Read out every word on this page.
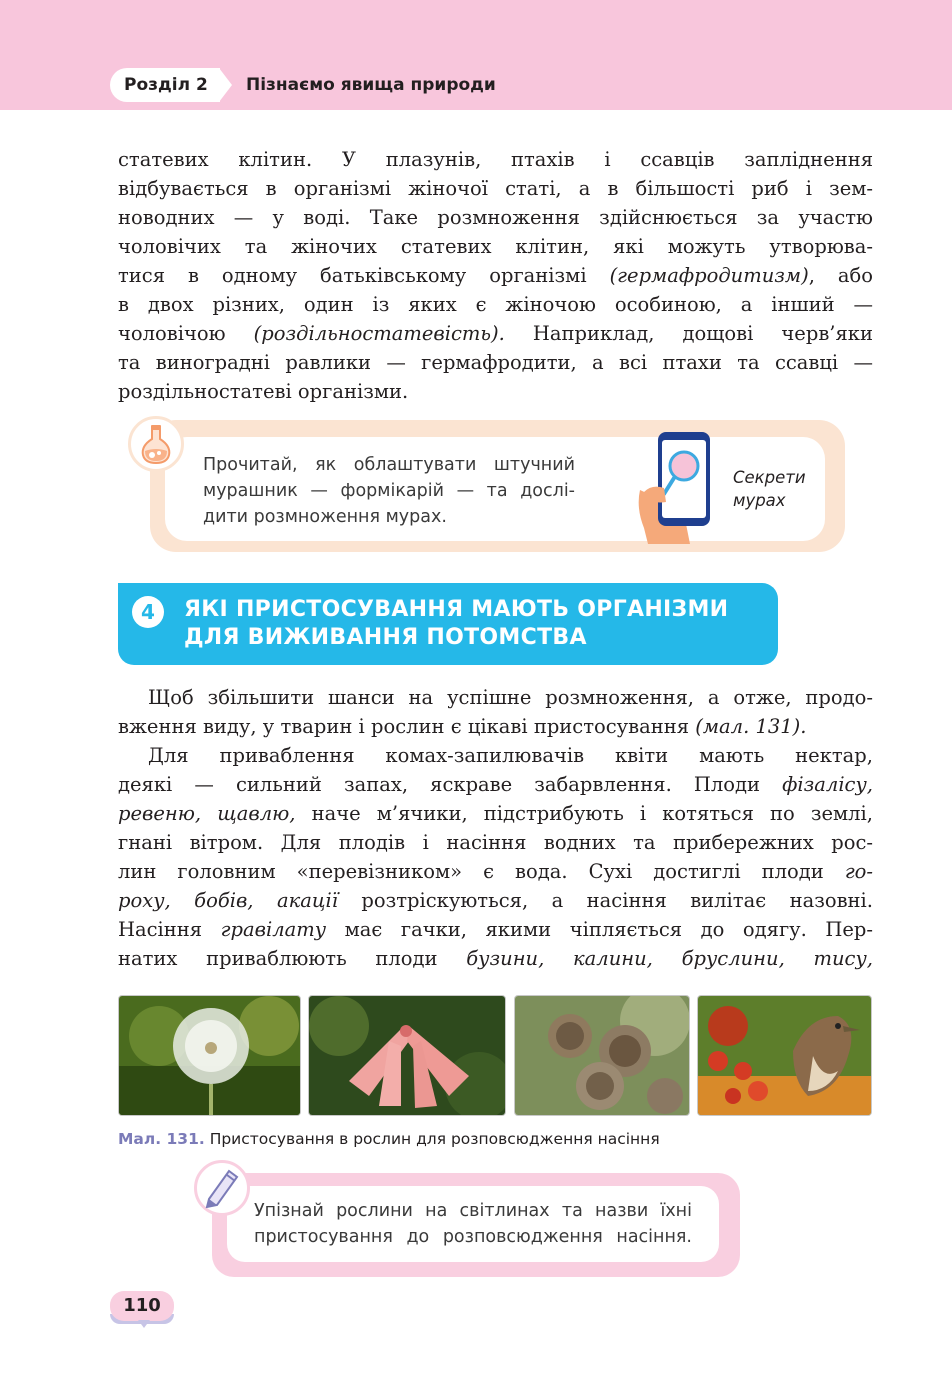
Розділ 2	Пізнаємо явища природи
статевих клітин. У плазунів, птахів і ссавців запліднення
відбувається в організмі жіночої статі, а в більшості риб і зем-
новодних — у воді. Таке розмноження здійснюється за участю
чоловічих та жіночих статевих клітин, які можуть утворюва-
тися в одному батьківському організмі (гермафродитизм), або
в двох різних, один із яких є жіночою особиною, а інший —
чоловічою (роздільностатевість). Наприклад, дощові черв’яки
та виноградні равлики — гермафродити, а всі птахи та ссавці —
роздільностатеві організми.
Прочитай, як облаштувати штучний
мурашник — формікарій — та дослі-
дити розмноження мурах.
Секрети
мурах
4	ЯКІ ПРИСТОСУВАННЯ МАЮТЬ ОРГАНІЗМИ
ДЛЯ ВИЖИВАННЯ ПОТОМСТВА
Щоб збільшити шанси на успішне розмноження, а отже, продо-
вження виду, у тварин і рослин є цікаві пристосування (мал. 131).
Для приваблення комах-запилювачів квіти мають нектар,
деякі — сильний запах, яскраве забарвлення. Плоди фізалісу,
ревеню, щавлю, наче м’ячики, підстрибують і котяться по землі,
гнані вітром. Для плодів і насіння водних та прибережних рос-
лин головним «перевізником» є вода. Сухі достиглі плоди го-
роху, бобів, акації розтріскуються, а насіння вилітає назовні.
Насіння гравілату має гачки, якими чіпляється до одягу. Пер-
натих приваблюють плоди бузини, калини, бруслини, тису,
Мал. 131. Пристосування в рослин для розповсюдження насіння
Упізнай рослини на світлинах та назви їхні
пристосування до розповсюдження насіння.
110
